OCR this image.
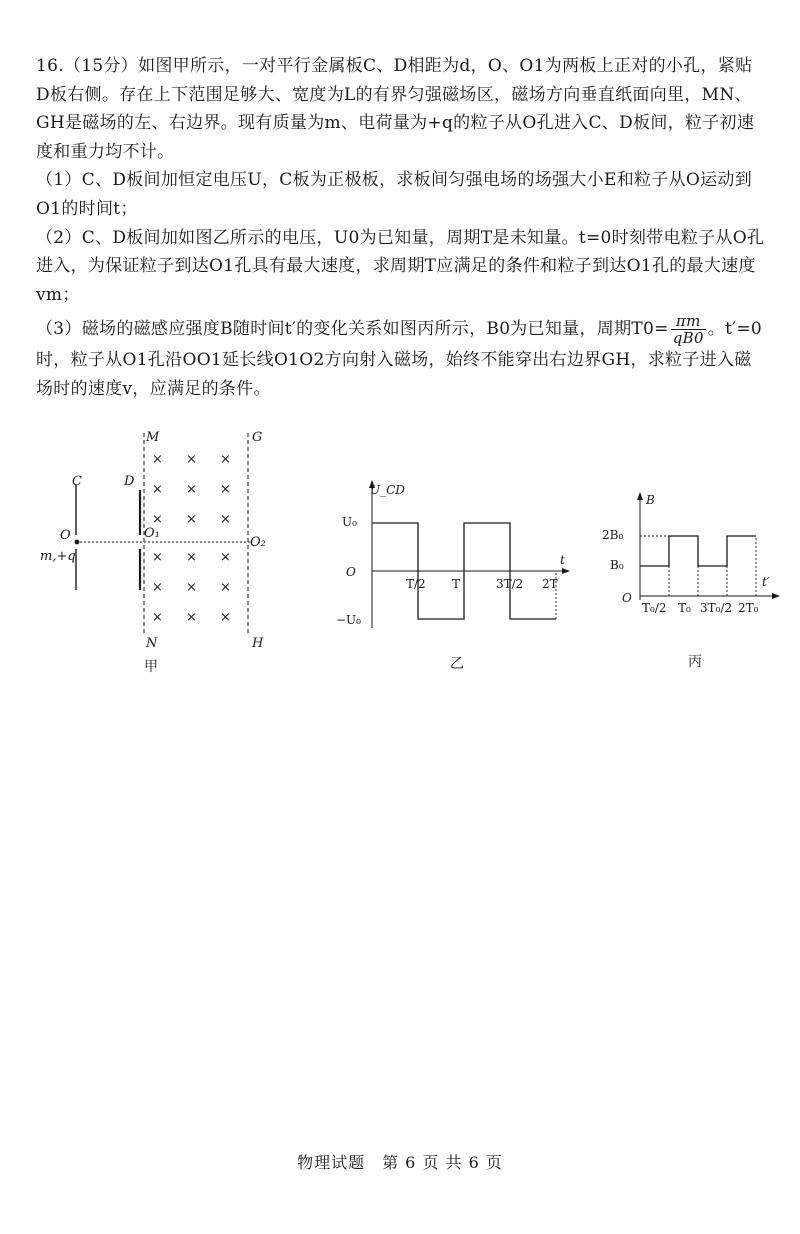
16.（15分）如图甲所示，一对平行金属板C、D相距为d，O、O1为两板上正对的小孔，紧贴D板右侧。存在上下范围足够大、宽度为L的有界匀强磁场区，磁场方向垂直纸面向里，MN、GH是磁场的左、右边界。现有质量为m、电荷量为+q的粒子从O孔进入C、D板间，粒子初速度和重力均不计。

（1）C、D板间加恒定电压U，C板为正极板，求板间匀强电场的场强大小E和粒子从O运动到O1的时间t；

（2）C、D板间加如图乙所示的电压，U0为已知量，周期T是未知量。t=0时刻带电粒子从O孔进入，为保证粒子到达O1孔具有最大速度，求周期T应满足的条件和粒子到达O1孔的最大速度vm；

（3）磁场的磁感应强度B随时间t′的变化关系如图丙所示，B0为已知量，周期$T0= \frac{\pi m}{qB0}$ 。t′=0时，粒子从O1孔沿OO1延长线O1O2方向射入磁场，始终不能穿出右边界GH，求粒子进入磁场时的速度v，应满足的条件。

× × ×
× × ×
× × ×
× × ×
× × ×
× × ×
M
N
G
H
C	D
O	O₁
O₂
m,+q
甲
U_CD
t
O
U₀
−U₀
T/2 T	3T/2 2T
乙
B
t′
O
2B₀
B₀
T₀/2 T₀ 3T₀/2 2T₀
丙
物理试题　第 6 页 共 6 页
